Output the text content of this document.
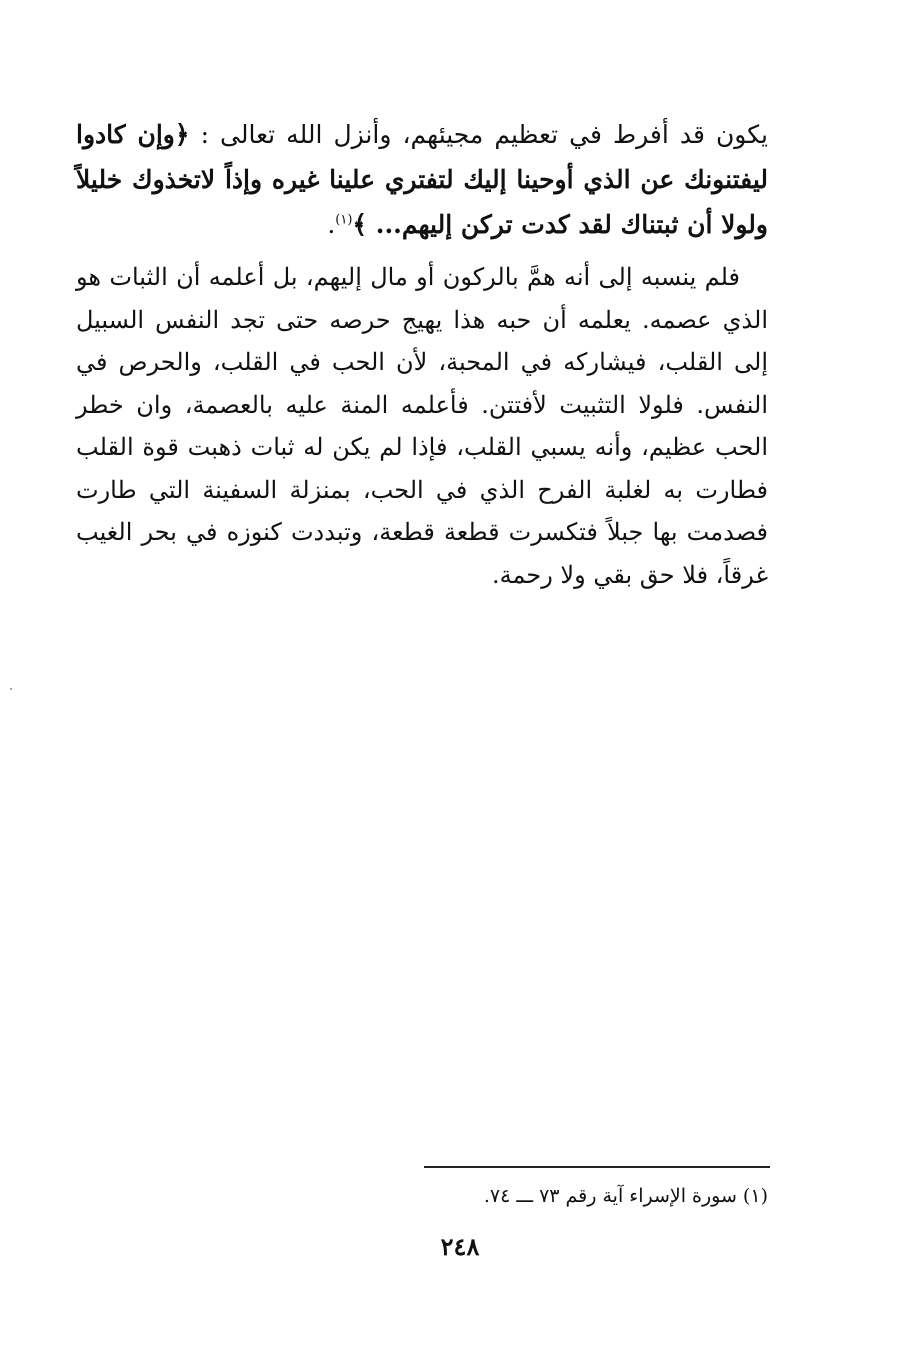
يكون قد أفرط في تعظيم مجيئهم، وأنزل الله تعالى : ﴿وإن كادوا ليفتنونك عن الذي أوحينا إليك لتفتري علينا غيره وإذاً لاتخذوك خليلاً ولولا أن ثبتناك لقد كدت تركن إليهم... ﴾$^{(١)}$.
فلم ينسبه إلى أنه همَّ بالركون أو مال إليهم، بل أعلمه أن الثبات هو الذي عصمه. يعلمه أن حبه هذا يهيج حرصه حتى تجد النفس السبيل إلى القلب، فيشاركه في المحبة، لأن الحب في القلب، والحرص في النفس. فلولا التثبيت لأفتتن. فأعلمه المنة عليه بالعصمة، وان خطر الحب عظيم، وأنه يسبي القلب، فإذا لم يكن له ثبات ذهبت قوة القلب فطارت به لغلبة الفرح الذي في الحب، بمنزلة السفينة التي طارت فصدمت بها جبلاً فتكسرت قطعة قطعة، وتبددت كنوزه في بحر الغيب غرقاً، فلا حق بقي ولا رحمة.
(١) سورة الإسراء آية رقم ٧٣ ـــ ٧٤.
٢٤٨
